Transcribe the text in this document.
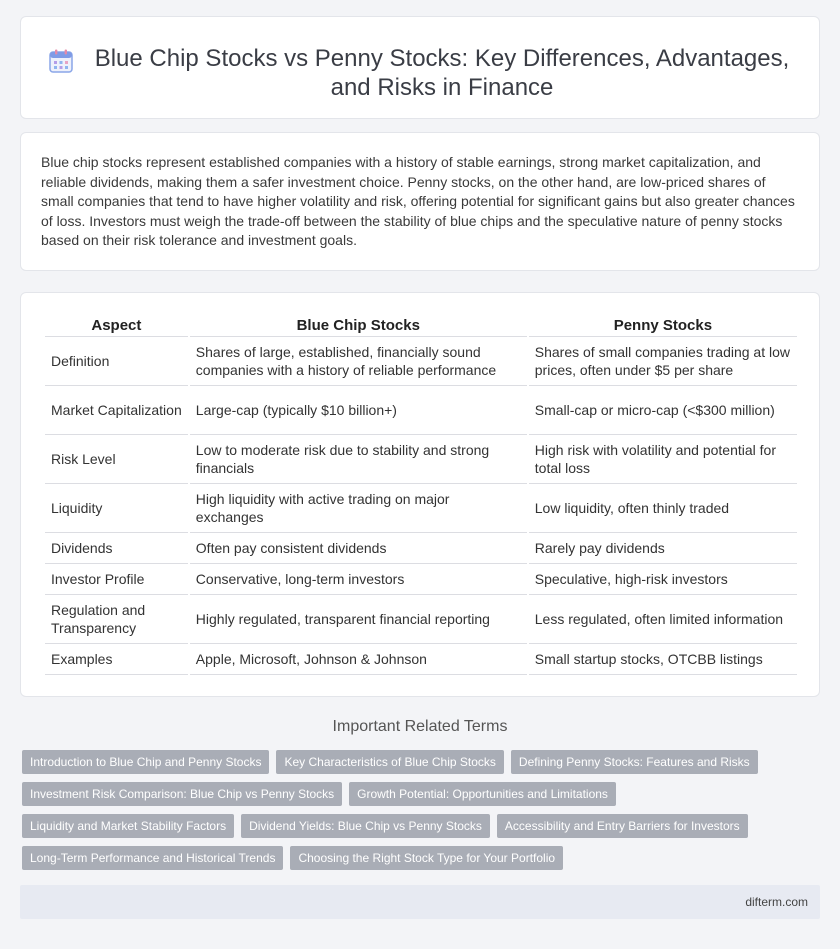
Blue Chip Stocks vs Penny Stocks: Key Differences, Advantages, and Risks in Finance

Blue chip stocks represent established companies with a history of stable earnings, strong market capitalization, and reliable dividends, making them a safer investment choice. Penny stocks, on the other hand, are low-priced shares of small companies that tend to have higher volatility and risk, offering potential for significant gains but also greater chances of loss. Investors must weigh the trade-off between the stability of blue chips and the speculative nature of penny stocks based on their risk tolerance and investment goals.

Aspect	Blue Chip Stocks	Penny Stocks
Definition	Shares of large, established, financially sound companies with a history of reliable performance	Shares of small companies trading at low prices, often under $5 per share
Market Capitalization	Large-cap (typically $10 billion+)	Small-cap or micro-cap (<$300 million)
Risk Level	Low to moderate risk due to stability and strong financials	High risk with volatility and potential for total loss
Liquidity	High liquidity with active trading on major exchanges	Low liquidity, often thinly traded
Dividends	Often pay consistent dividends	Rarely pay dividends
Investor Profile	Conservative, long-term investors	Speculative, high-risk investors
Regulation and Transparency	Highly regulated, transparent financial reporting	Less regulated, often limited information
Examples	Apple, Microsoft, Johnson & Johnson	Small startup stocks, OTCBB listings
Important Related Terms
Introduction to Blue Chip and Penny Stocks	Key Characteristics of Blue Chip Stocks	Defining Penny Stocks: Features and Risks
Investment Risk Comparison: Blue Chip vs Penny Stocks	Growth Potential: Opportunities and Limitations
Liquidity and Market Stability Factors	Dividend Yields: Blue Chip vs Penny Stocks	Accessibility and Entry Barriers for Investors
Long-Term Performance and Historical Trends	Choosing the Right Stock Type for Your Portfolio
difterm.com
